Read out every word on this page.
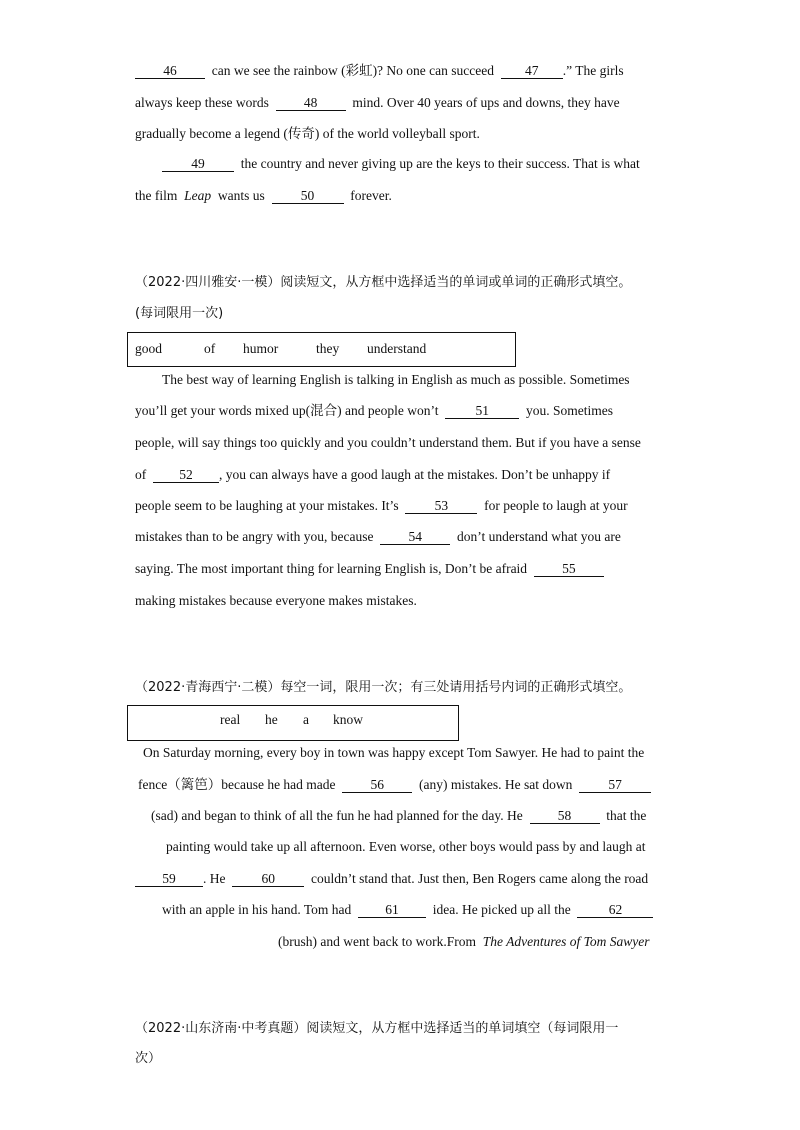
46	can we see the rainbow (彩虹)? No one can succeed 47 .” The girls
always keep these words	48	mind. Over 40 years of ups and downs, they have
gradually become a legend (传奇) of the world volleyball sport.
49	the country and never giving up are the keys to their success. That is what
the film Leap wants us	50	forever.
（2022·四川雅安·一模）阅读短文，从方框中选择适当的单词或单词的正确形式填空。
(每词限用一次)
good	of humor	they understand
The best way of learning English is talking in English as much as possible. Sometimes
you’ll get your words mixed up(混合) and people won’t	51	you. Sometimes
people, will say things too quickly and you couldn’t understand them. But if you have a sense
of 52 , you can always have a good laugh at the mistakes. Don’t be unhappy if
people seem to be laughing at your mistakes. It’s	53	for people to laugh at your
mistakes than to be angry with you, because	54	don’t understand what you are
saying. The most important thing for learning English is, Don’t be afraid	55
making mistakes because everyone makes mistakes.
（2022·青海西宁·二模）每空一词，限用一次；有三处请用括号内词的正确形式填空。
real he a know
On Saturday morning, every boy in town was happy except Tom Sawyer. He had to paint the
fence（篱笆）because he had made	56	(any) mistakes. He sat down	57
(sad) and began to think of all the fun he had planned for the day. He	58	that the
painting would take up all afternoon. Even worse, other boys would pass by and laugh at
59 . He	60	couldn’t stand that. Just then, Ben Rogers came along the road
with an apple in his hand. Tom had	61	idea. He picked up all the	62
(brush) and went back to work.From The Adventures of Tom Sawyer
（2022·山东济南·中考真题）阅读短文，从方框中选择适当的单词填空（每词限用一
次）
